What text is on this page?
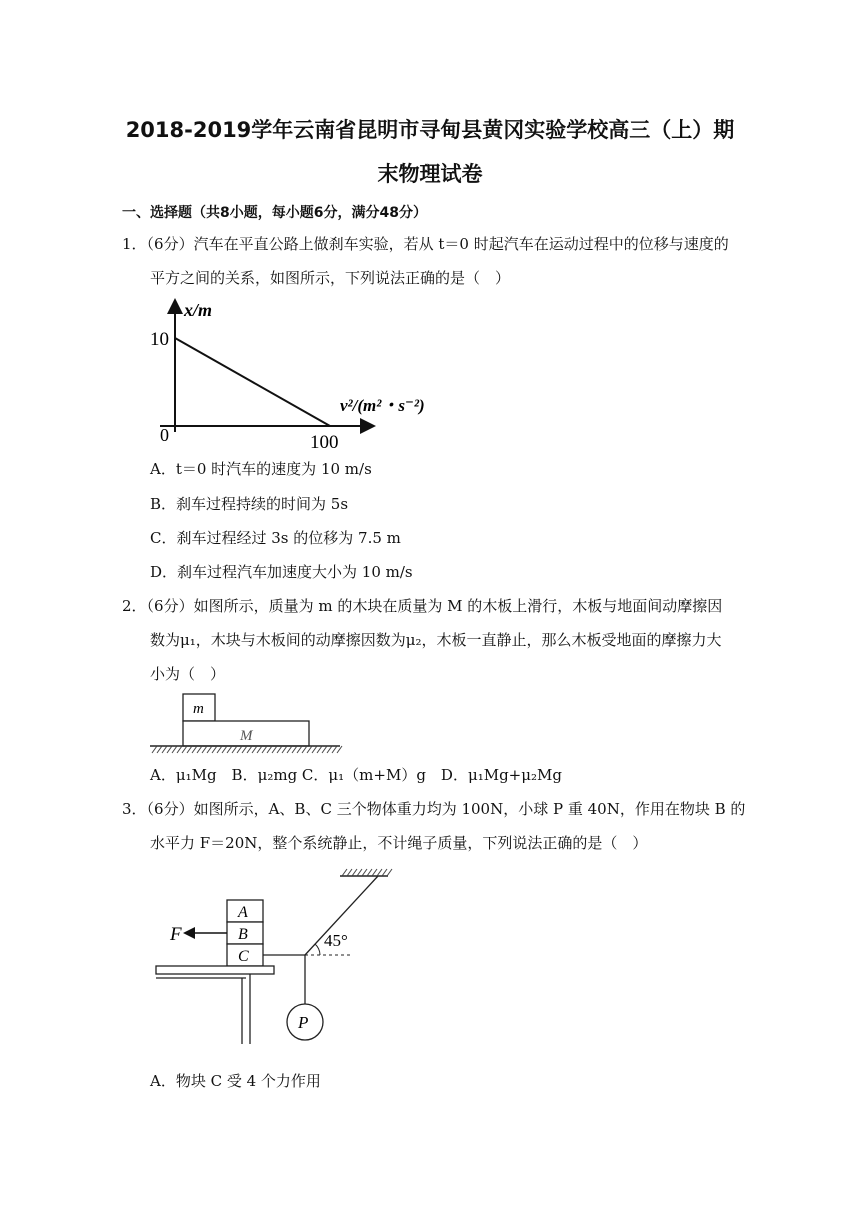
2018-2019学年云南省昆明市寻甸县黄冈实验学校高三（上）期
末物理试卷
一、选择题（共8小题，每小题6分，满分48分）
1．（6分）汽车在平直公路上做刹车实验，若从 t＝0 时起汽车在运动过程中的位移与速度的
平方之间的关系，如图所示，下列说法正确的是（　）
x/m
10
v²/(m²・s⁻²)
0	100
A．t＝0 时汽车的速度为 10 m/s
B．刹车过程持续的时间为 5s
C．刹车过程经过 3s 的位移为 7.5 m
D．刹车过程汽车加速度大小为 10 m/s
2．（6分）如图所示，质量为 m 的木块在质量为 M 的木板上滑行，木板与地面间动摩擦因
数为μ₁，木块与木板间的动摩擦因数为μ₂，木板一直静止，那么木板受地面的摩擦力大
小为（　）
m
M
A．μ₁Mg　B．μ₂mg C．μ₁（m+M）g　D．μ₁Mg+μ₂Mg
3．（6分）如图所示，A、B、C 三个物体重力均为 100N，小球 P 重 40N，作用在物块 B 的
水平力 F＝20N，整个系统静止，不计绳子质量，下列说法正确的是（　）
A
B
C
F	45°
P
A．物块 C 受 4 个力作用
